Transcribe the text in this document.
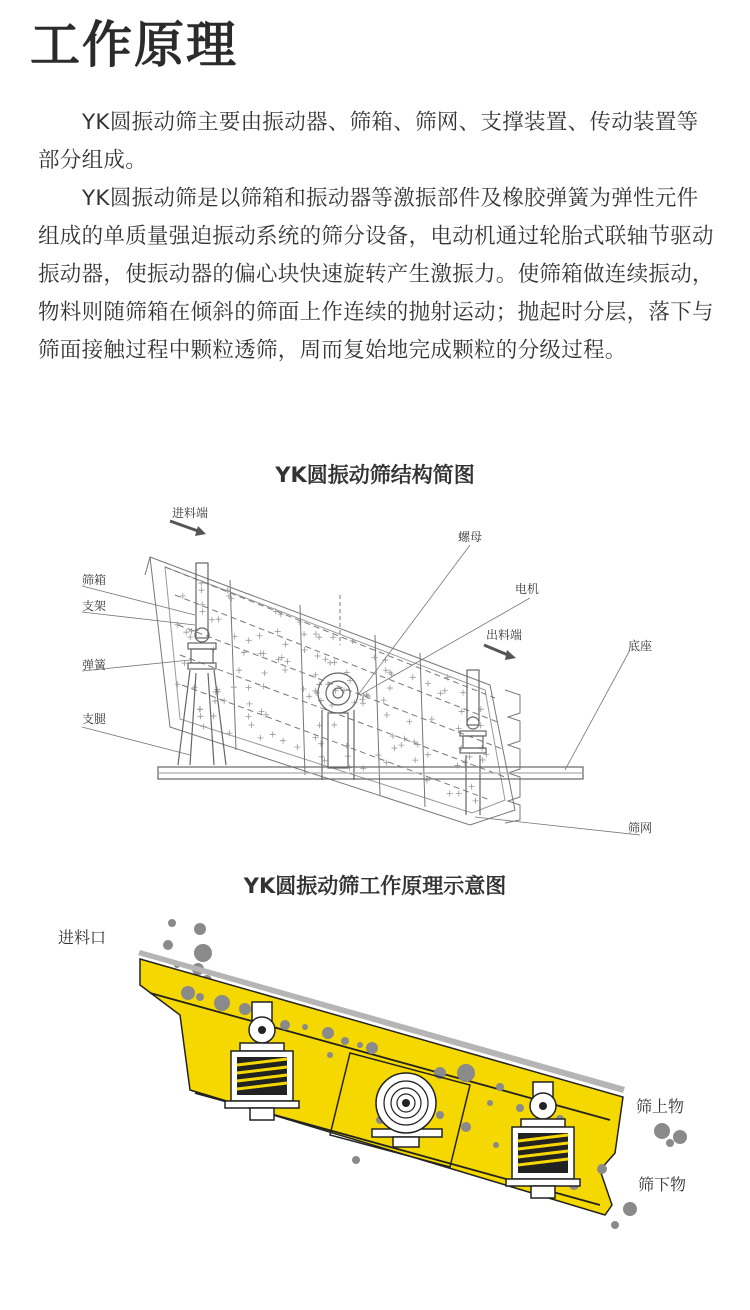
工作原理

YK圆振动筛主要由振动器、筛箱、筛网、支撑装置、传动装置等部分组成。

YK圆振动筛是以筛箱和振动器等激振部件及橡胶弹簧为弹性元件组成的单质量强迫振动系统的筛分设备，电动机通过轮胎式联轴节驱动振动器，使振动器的偏心块快速旋转产生激振力。使筛箱做连续振动，物料则随筛箱在倾斜的筛面上作连续的抛射运动；抛起时分层，落下与筛面接触过程中颗粒透筛，周而复始地完成颗粒的分级过程。

YK圆振动筛结构简图
进料端
筛箱
支架
弹簧
支腿
螺母
电机
出料端
底座
筛网
YK圆振动筛工作原理示意图
进料口
筛上物
筛下物
